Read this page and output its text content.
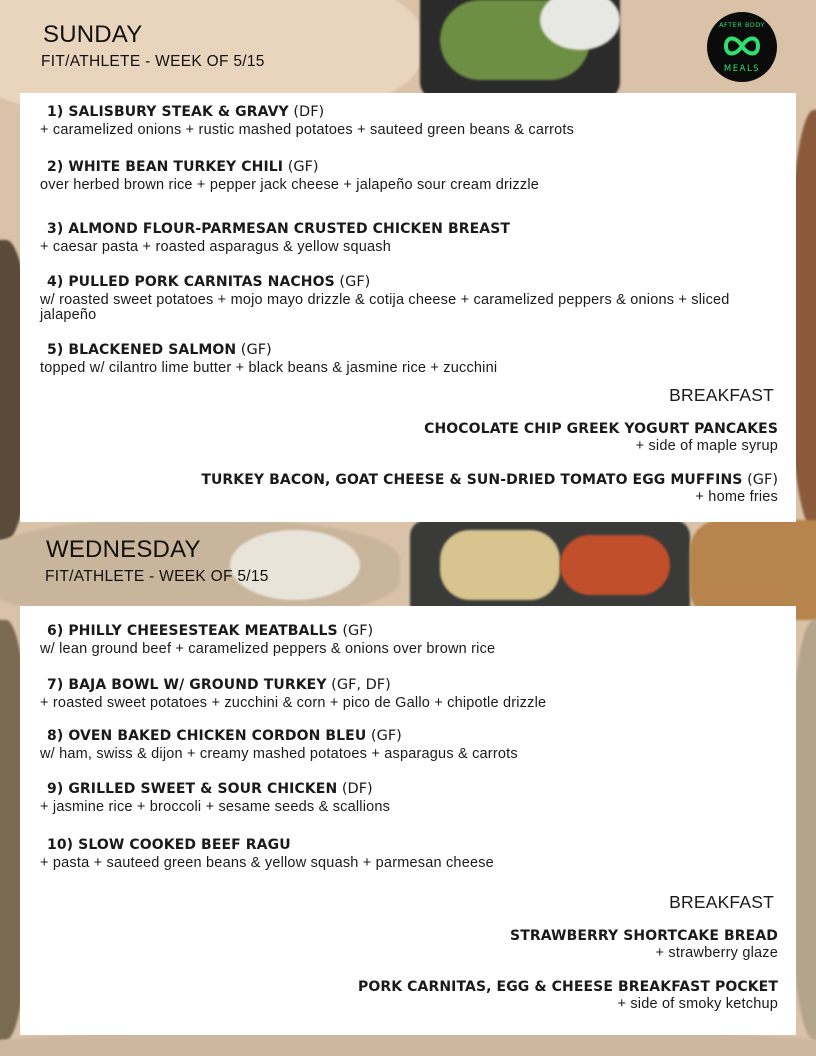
AFTER BODY
MEALS
SUNDAY
FIT/ATHLETE - WEEK OF 5/15
1) SALISBURY STEAK & GRAVY (DF)
+ caramelized onions + rustic mashed potatoes + sauteed green beans & carrots
2) WHITE BEAN TURKEY CHILI (GF)
over herbed brown rice + pepper jack cheese + jalapeño sour cream drizzle
3) ALMOND FLOUR-PARMESAN CRUSTED CHICKEN BREAST
+ caesar pasta + roasted asparagus & yellow squash
4) PULLED PORK CARNITAS NACHOS (GF)
w/ roasted sweet potatoes + mojo mayo drizzle & cotija cheese + caramelized peppers & onions + sliced jalapeño
5) BLACKENED SALMON (GF)
topped w/ cilantro lime butter + black beans & jasmine rice + zucchini
BREAKFAST
CHOCOLATE CHIP GREEK YOGURT PANCAKES
+ side of maple syrup
TURKEY BACON, GOAT CHEESE & SUN-DRIED TOMATO EGG MUFFINS (GF)
+ home fries
WEDNESDAY
FIT/ATHLETE - WEEK OF 5/15
6) PHILLY CHEESESTEAK MEATBALLS (GF)
w/ lean ground beef + caramelized peppers & onions over brown rice
7) BAJA BOWL W/ GROUND TURKEY (GF, DF)
+ roasted sweet potatoes + zucchini & corn + pico de Gallo + chipotle drizzle
8) OVEN BAKED CHICKEN CORDON BLEU (GF)
w/ ham, swiss & dijon + creamy mashed potatoes + asparagus & carrots
9) GRILLED SWEET & SOUR CHICKEN (DF)
+ jasmine rice + broccoli + sesame seeds & scallions
10) SLOW COOKED BEEF RAGU
+ pasta + sauteed green beans & yellow squash + parmesan cheese
BREAKFAST
STRAWBERRY SHORTCAKE BREAD
+ strawberry glaze
PORK CARNITAS, EGG & CHEESE BREAKFAST POCKET
+ side of smoky ketchup
